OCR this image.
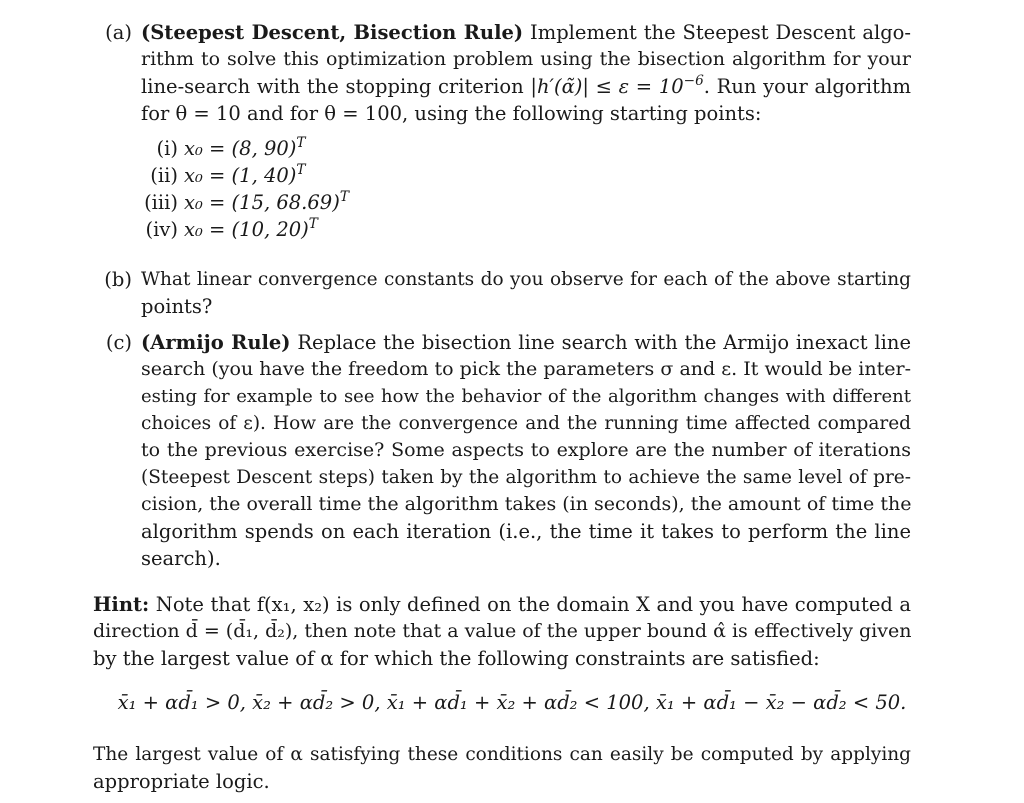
(a) (Steepest Descent, Bisection Rule) Implement the Steepest Descent algo-
rithm to solve this optimization problem using the bisection algorithm for your
line-search with the stopping criterion |h′(α̃)| ≤ $\varepsilon = 10^{-6}$. Run your algorithm
for θ = 10 and for θ = 100, using the following starting points:
(i) x₀ = (8, 90)$^T$
(ii) x₀ = (1, 40)$^T$
(iii) x₀ = (15, 68.69)$^T$
(iv) x₀ = (10, 20)$^T$
(b) What linear convergence constants do you observe for each of the above starting
points?
(c) (Armijo Rule) Replace the bisection line search with the Armijo inexact line
search (you have the freedom to pick the parameters σ and ε. It would be inter-
esting for example to see how the behavior of the algorithm changes with different
choices of ε). How are the convergence and the running time affected compared
to the previous exercise? Some aspects to explore are the number of iterations
(Steepest Descent steps) taken by the algorithm to achieve the same level of pre-
cision, the overall time the algorithm takes (in seconds), the amount of time the
algorithm spends on each iteration (i.e., the time it takes to perform the line
search).
Hint: Note that f(x₁, x₂) is only defined on the domain X and you have computed a
direction d̄ = (d̄₁, d̄₂), then note that a value of the upper bound α̂ is effectively given
by the largest value of α for which the following constraints are satisfied:
x̄₁ + αd̄₁ > 0, x̄₂ + αd̄₂ > 0, x̄₁ + αd̄₁ + x̄₂ + αd̄₂ < 100, x̄₁ + αd̄₁ − x̄₂ − αd̄₂ < 50.
The largest value of α satisfying these conditions can easily be computed by applying
appropriate logic.
